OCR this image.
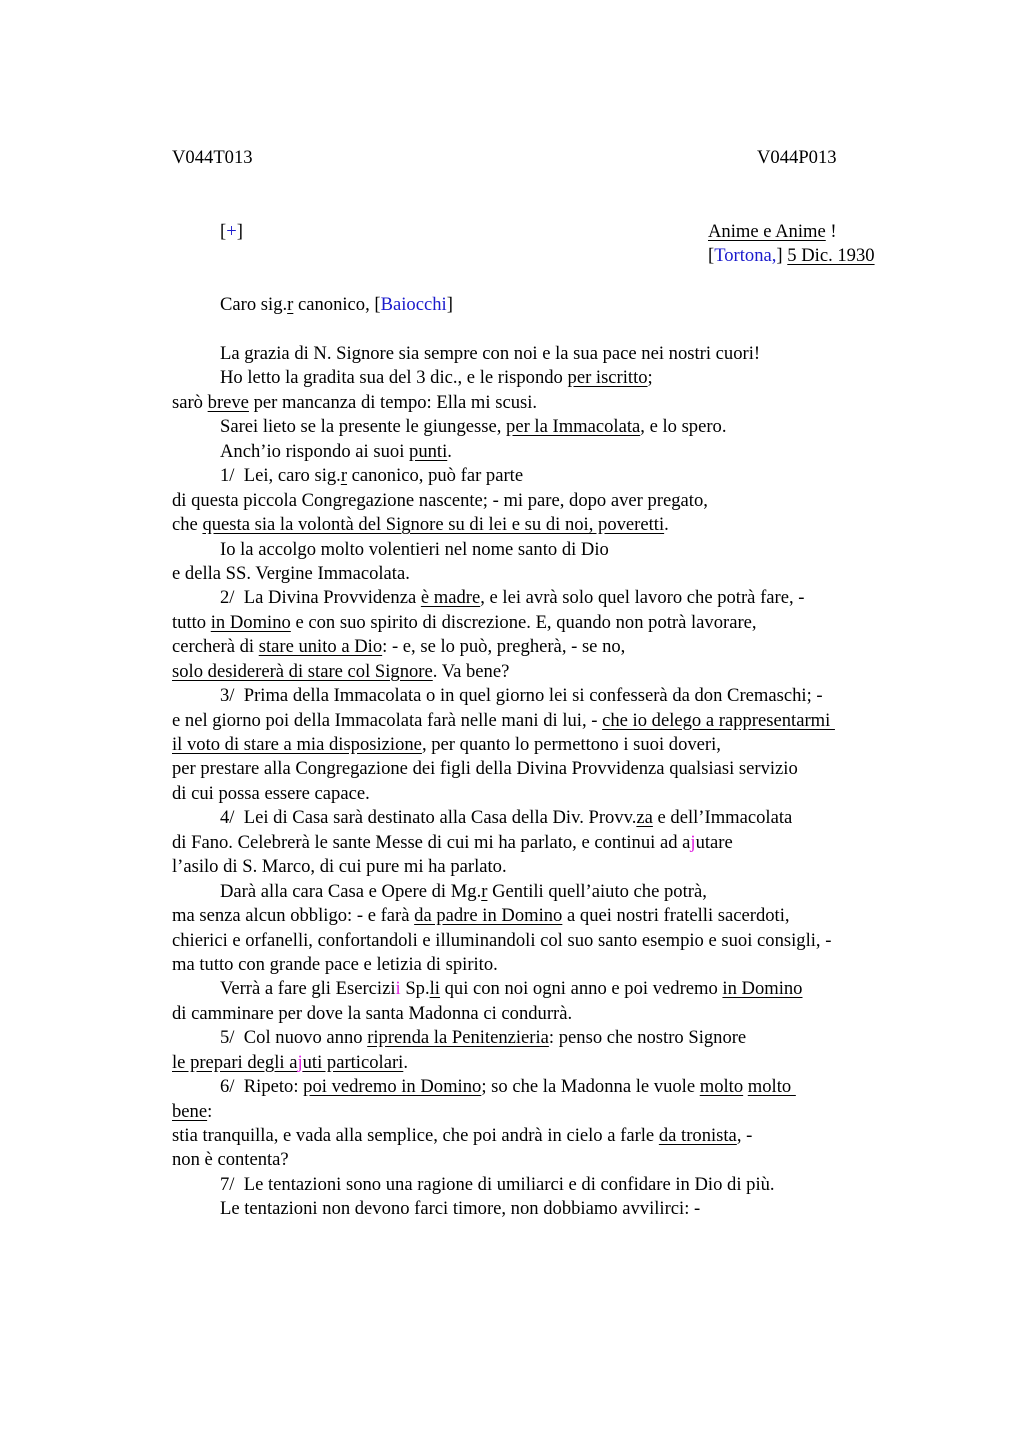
V044T013	V044P013
[+]	Anime e Anime !
[Tortona,] 5 Dic. 1930
Caro sig.r canonico, [Baiocchi]
La grazia di N. Signore sia sempre con noi e la sua pace nei nostri cuori!
Ho letto la gradita sua del 3 dic., e le rispondo per iscritto;
sarò breve per mancanza di tempo: Ella mi scusi.
Sarei lieto se la presente le giungesse, per la Immacolata, e lo spero.
Anch’io rispondo ai suoi punti.
1/  Lei, caro sig.r canonico, può far parte
di questa piccola Congregazione nascente; - mi pare, dopo aver pregato,
che questa sia la volontà del Signore su di lei e su di noi, poveretti.
Io la accolgo molto volentieri nel nome santo di Dio
e della SS. Vergine Immacolata.
2/  La Divina Provvidenza è madre, e lei avrà solo quel lavoro che potrà fare, -
tutto in Domino e con suo spirito di discrezione. E, quando non potrà lavorare,
cercherà di stare unito a Dio: - e, se lo può, pregherà, - se no,
solo desidererà di stare col Signore. Va bene?
3/  Prima della Immacolata o in quel giorno lei si confesserà da don Cremaschi; -
e nel giorno poi della Immacolata farà nelle mani di lui, - che io delego a rappresentarmi
il voto di stare a mia disposizione, per quanto lo permettono i suoi doveri,
per prestare alla Congregazione dei figli della Divina Provvidenza qualsiasi servizio
di cui possa essere capace.
4/  Lei di Casa sarà destinato alla Casa della Div. Provv.za e dell’Immacolata
di Fano. Celebrerà le sante Messe di cui mi ha parlato, e continui ad ajutare
l’asilo di S. Marco, di cui pure mi ha parlato.
Darà alla cara Casa e Opere di Mg.r Gentili quell’aiuto che potrà,
ma senza alcun obbligo: - e farà da padre in Domino a quei nostri fratelli sacerdoti,
chierici e orfanelli, confortandoli e illuminandoli col suo santo esempio e suoi consigli, -
ma tutto con grande pace e letizia di spirito.
Verrà a fare gli Esercizii Sp.li qui con noi ogni anno e poi vedremo in Domino
di camminare per dove la santa Madonna ci condurrà.
5/  Col nuovo anno riprenda la Penitenzieria: penso che nostro Signore
le prepari degli ajuti particolari.
6/  Ripeto: poi vedremo in Domino; so che la Madonna le vuole molto molto
bene:
stia tranquilla, e vada alla semplice, che poi andrà in cielo a farle da tronista, -
non è contenta?
7/  Le tentazioni sono una ragione di umiliarci e di confidare in Dio di più.
Le tentazioni non devono farci timore, non dobbiamo avvilirci: -
